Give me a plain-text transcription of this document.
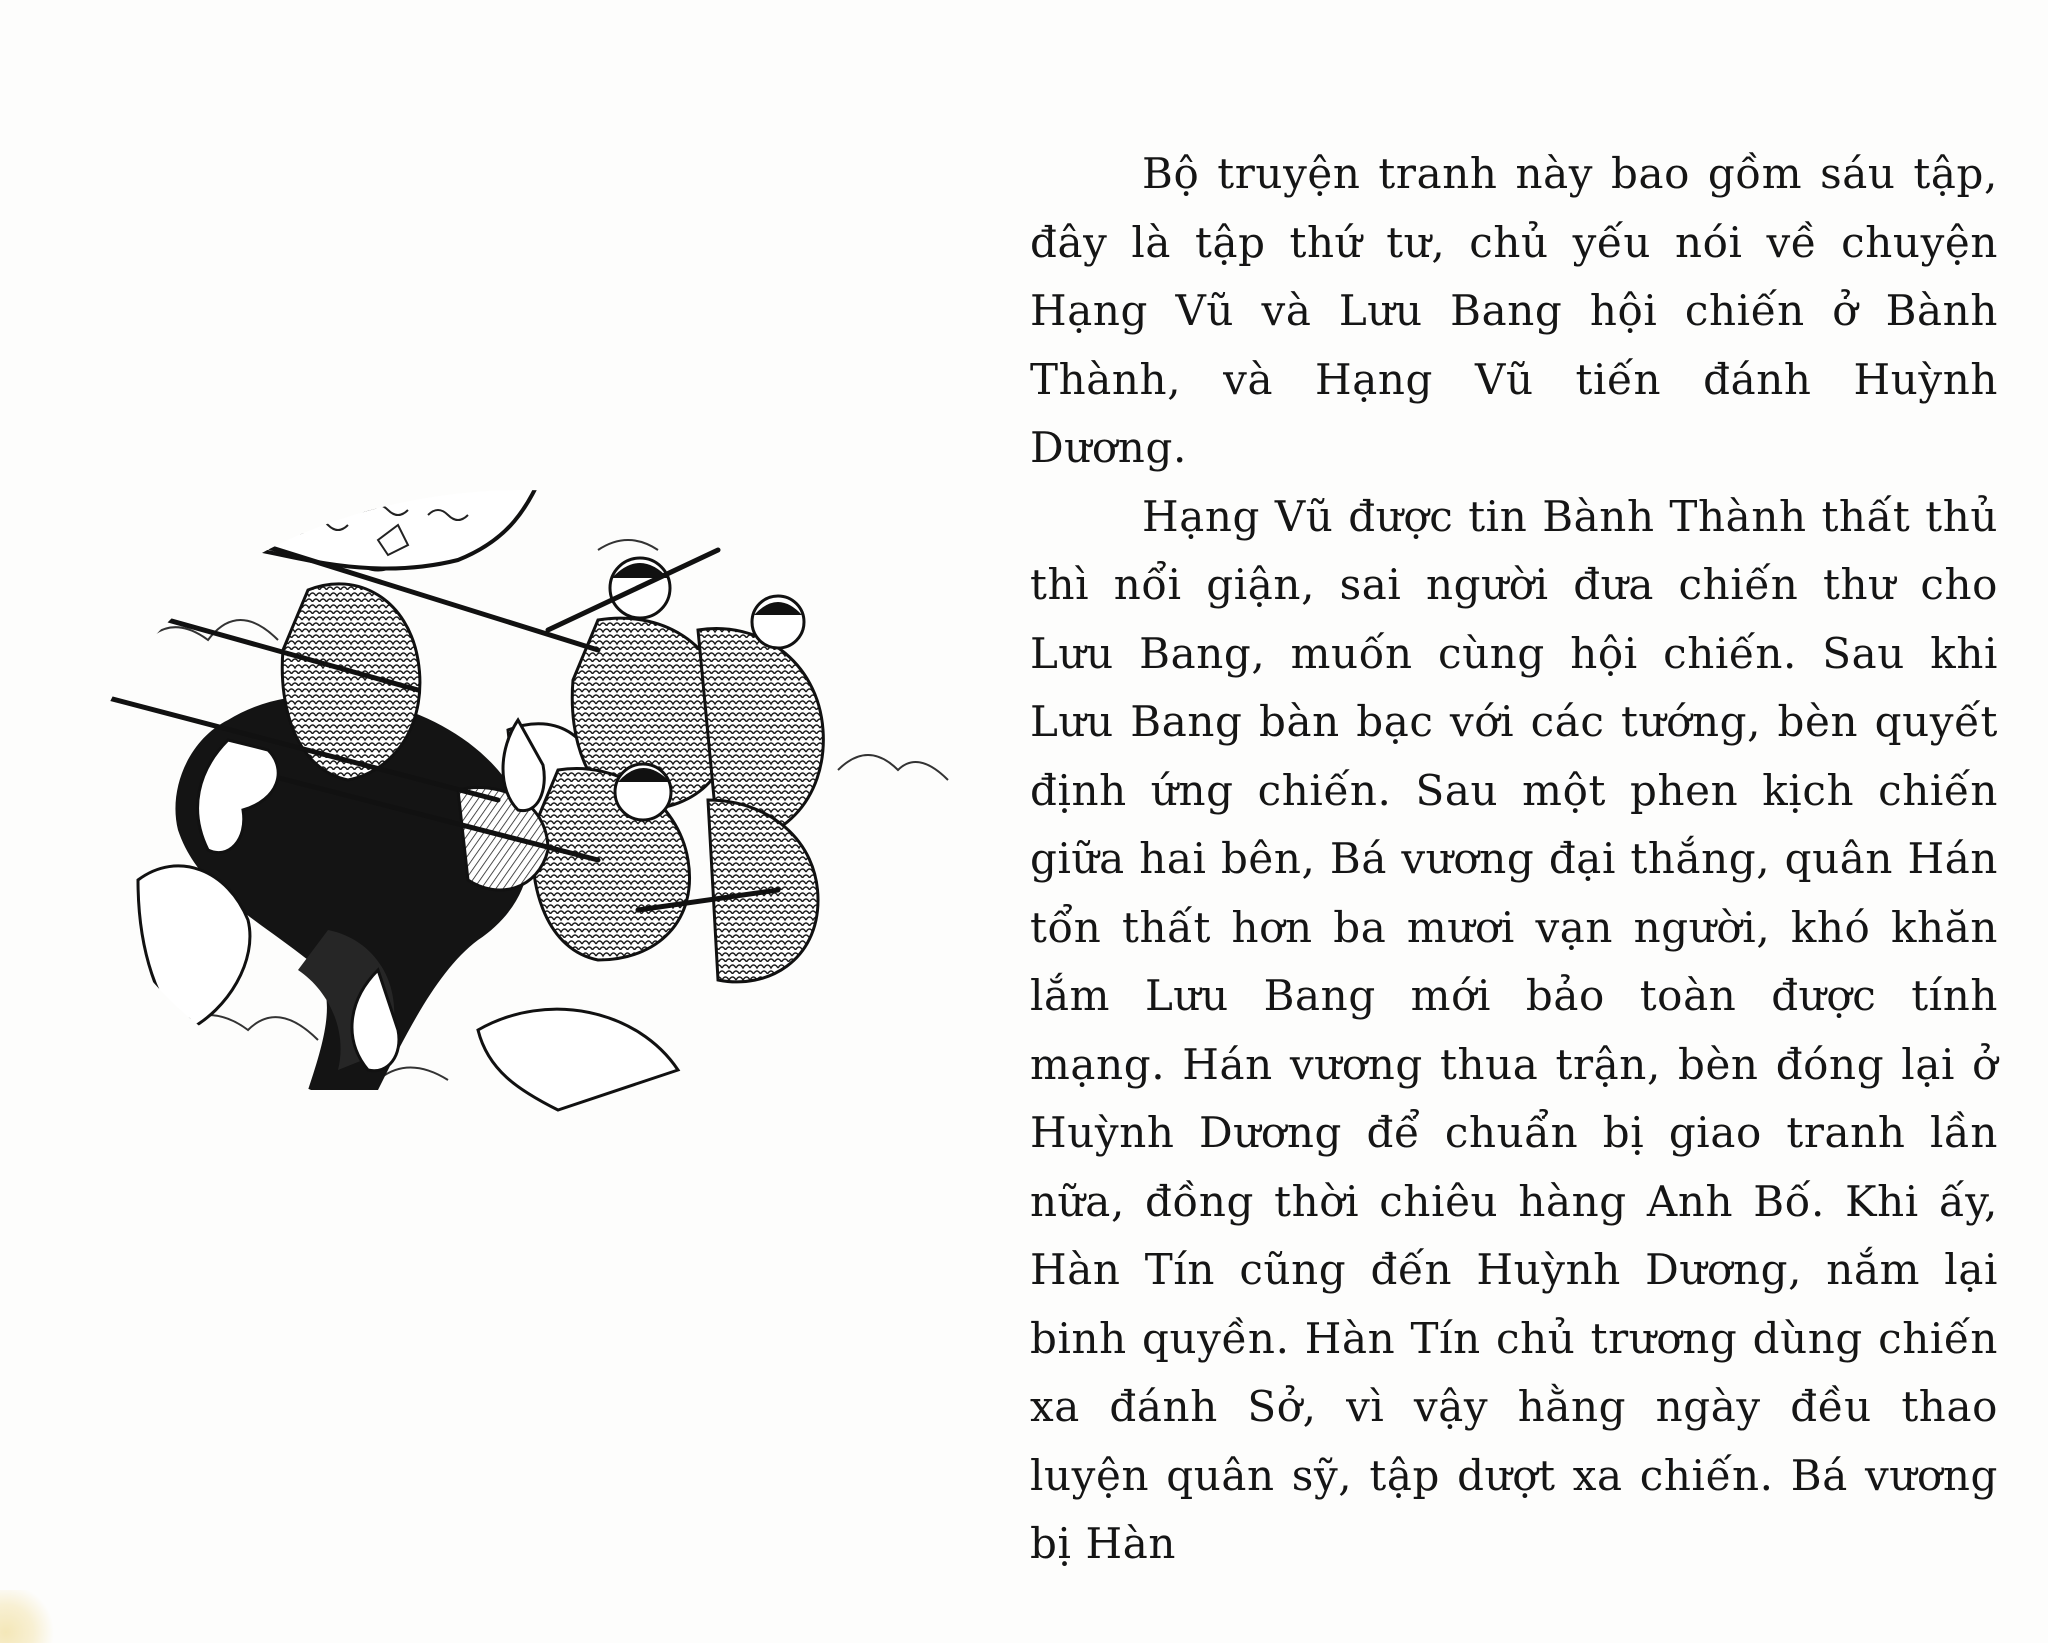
Bộ truyện tranh này bao gồm sáu tập, đây là tập thứ tư, chủ yếu nói về chuyện Hạng Vũ và Lưu Bang hội chiến ở Bành Thành, và Hạng Vũ tiến đánh Huỳnh Dương.

Hạng Vũ được tin Bành Thành thất thủ thì nổi giận, sai người đưa chiến thư cho Lưu Bang, muốn cùng hội chiến. Sau khi Lưu Bang bàn bạc với các tướng, bèn quyết định ứng chiến. Sau một phen kịch chiến giữa hai bên, Bá vương đại thắng, quân Hán tổn thất hơn ba mươi vạn người, khó khăn lắm Lưu Bang mới bảo toàn được tính mạng. Hán vương thua trận, bèn đóng lại ở Huỳnh Dương để chuẩn bị giao tranh lần nữa, đồng thời chiêu hàng Anh Bố. Khi ấy, Hàn Tín cũng đến Huỳnh Dương, nắm lại binh quyền. Hàn Tín chủ trương dùng chiến xa đánh Sở, vì vậy hằng ngày đều thao luyện quân sỹ, tập dượt xa chiến. Bá vương bị Hàn
